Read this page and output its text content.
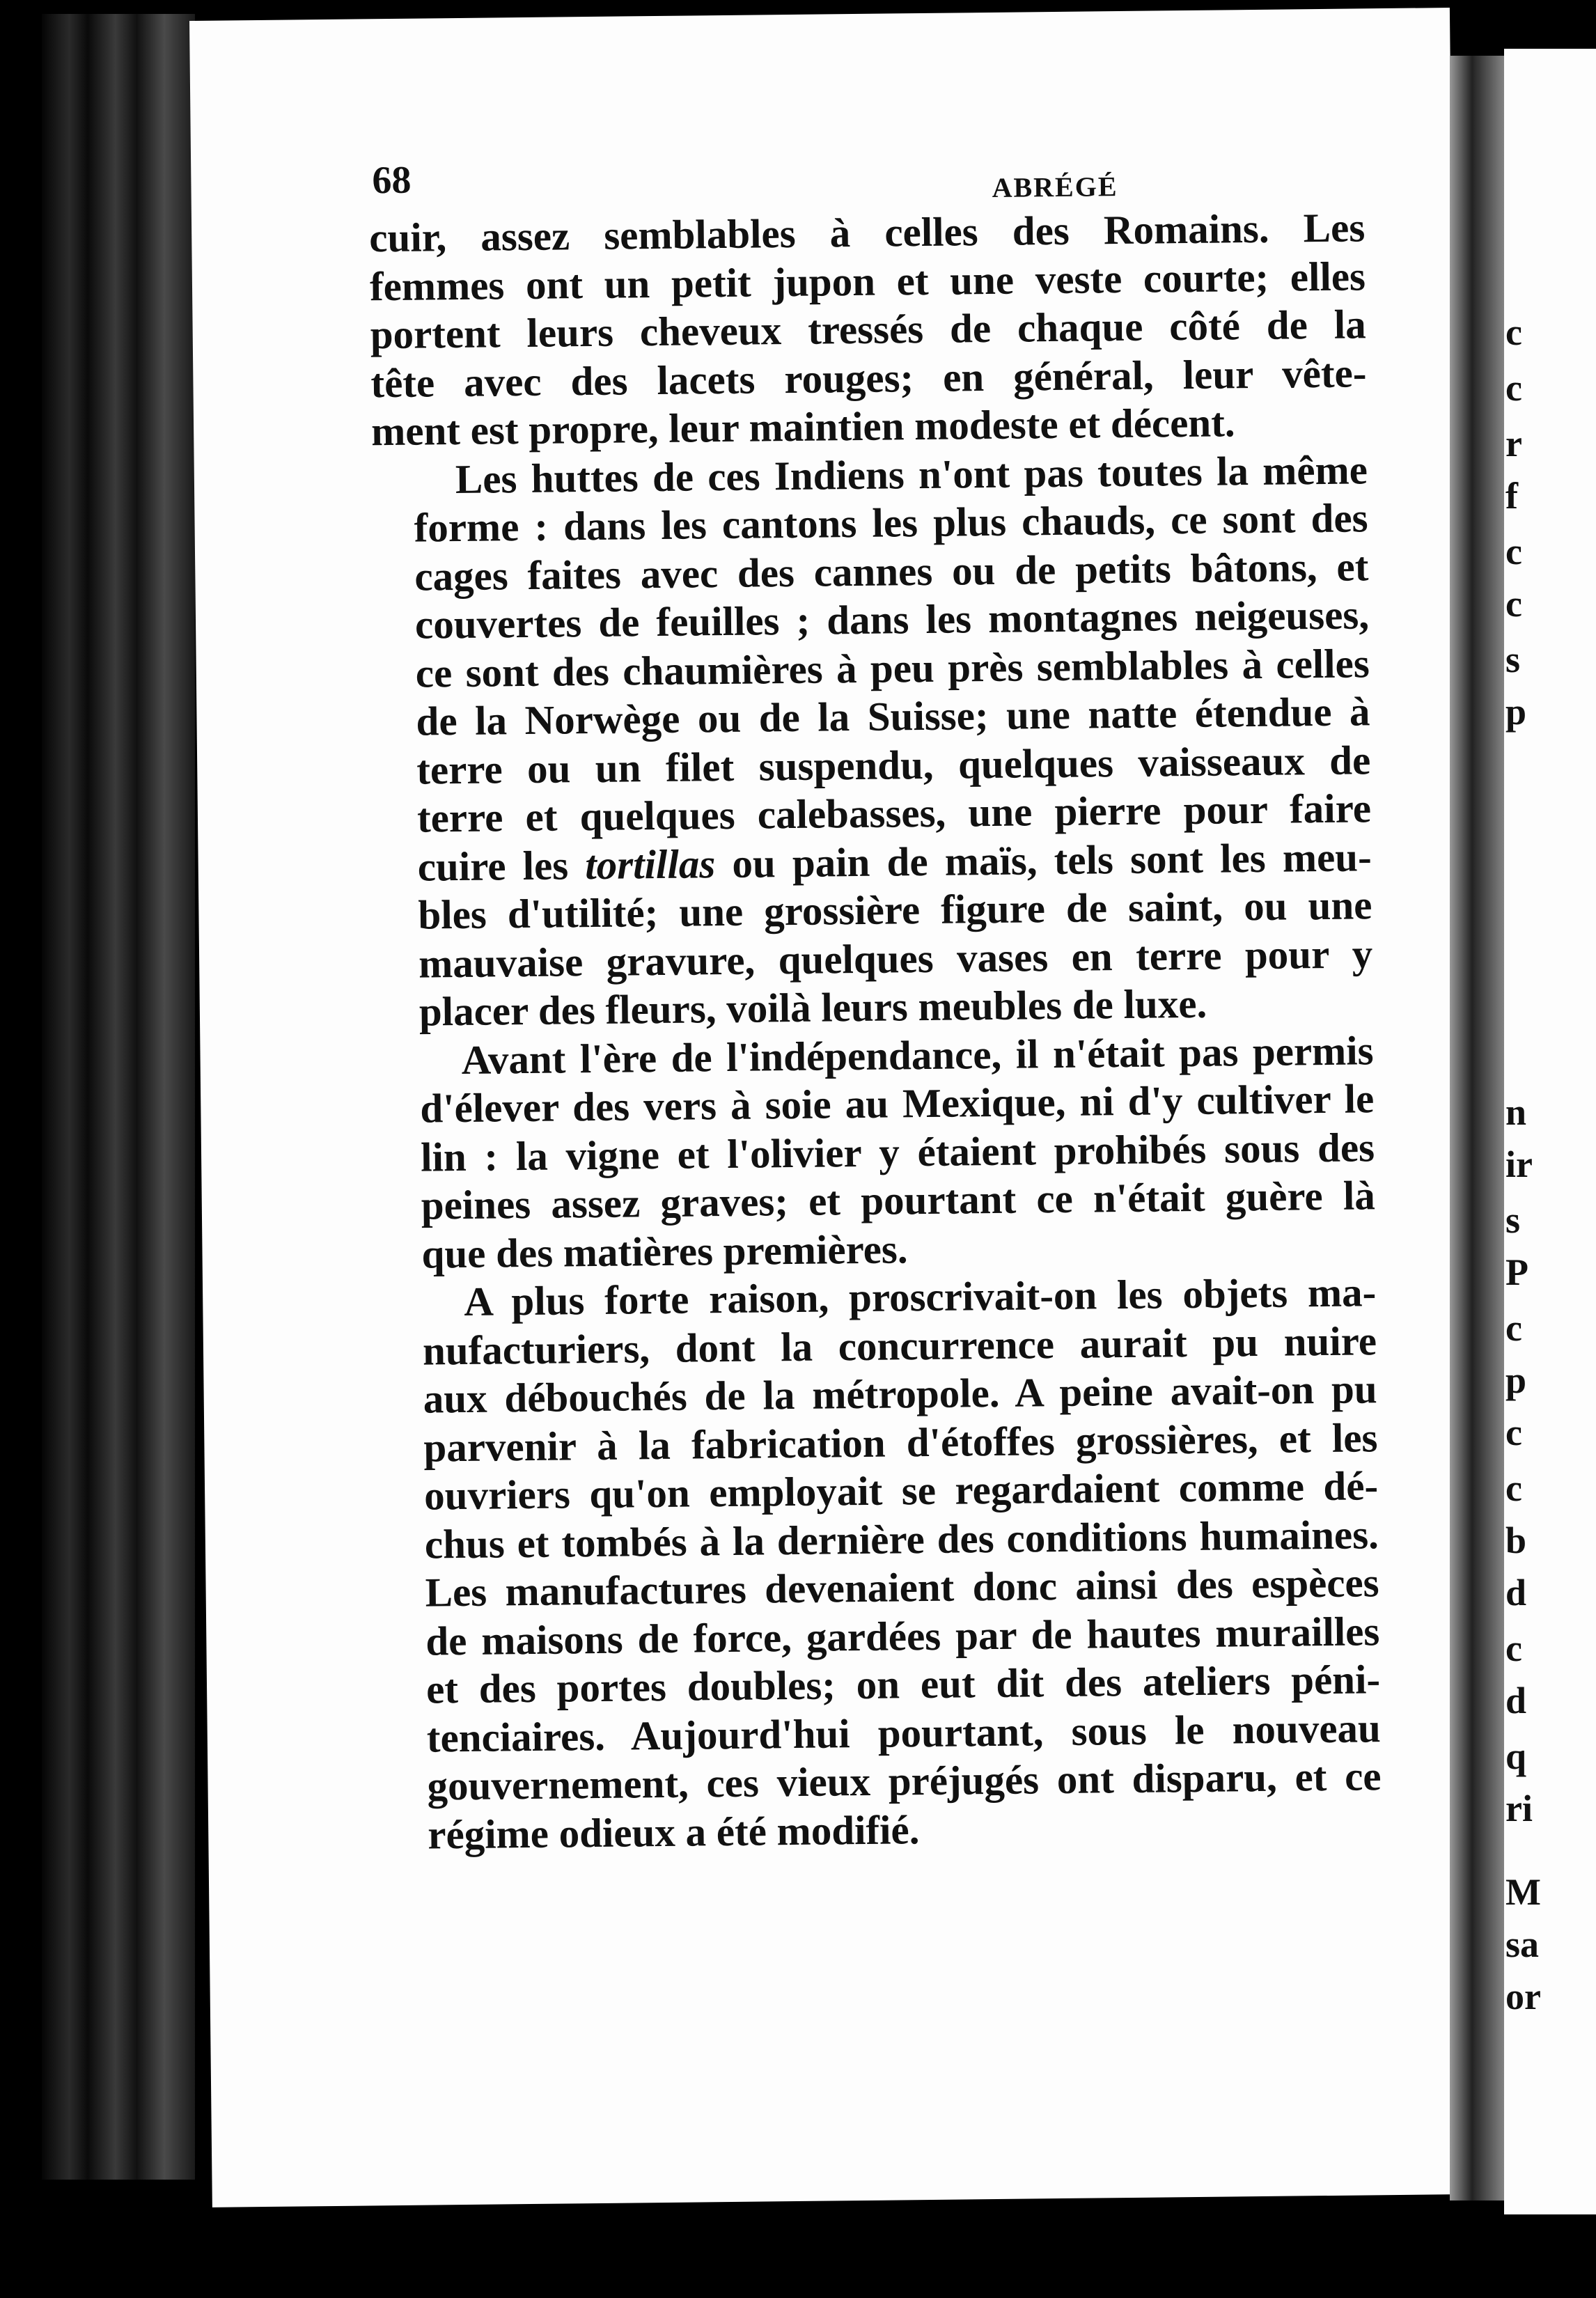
68	ABRÉGÉ

cuir, assez semblables à celles des Romains. Les
femmes ont un petit jupon et une veste courte; elles
portent leurs cheveux tressés de chaque côté de la
tête avec des lacets rouges; en général, leur vête-
ment est propre, leur maintien modeste et décent.

Les huttes de ces Indiens n'ont pas toutes la même
forme : dans les cantons les plus chauds, ce sont des
cages faites avec des cannes ou de petits bâtons, et
couvertes de feuilles ; dans les montagnes neigeuses,
ce sont des chaumières à peu près semblables à celles
de la Norwège ou de la Suisse; une natte étendue à
terre ou un filet suspendu, quelques vaisseaux de
terre et quelques calebasses, une pierre pour faire
cuire les tortillas ou pain de maïs, tels sont les meu-
bles d'utilité; une grossière figure de saint, ou une
mauvaise gravure, quelques vases en terre pour y
placer des fleurs, voilà leurs meubles de luxe.

Avant l'ère de l'indépendance, il n'était pas permis
d'élever des vers à soie au Mexique, ni d'y cultiver le
lin : la vigne et l'olivier y étaient prohibés sous des
peines assez graves; et pourtant ce n'était guère là
que des matières premières.

A plus forte raison, proscrivait-on les objets ma-
nufacturiers, dont la concurrence aurait pu nuire
aux débouchés de la métropole. A peine avait-on pu
parvenir à la fabrication d'étoffes grossières, et les
ouvriers qu'on employait se regardaient comme dé-
chus et tombés à la dernière des conditions humaines.
Les manufactures devenaient donc ainsi des espèces
de maisons de force, gardées par de hautes murailles
et des portes doubles; on eut dit des ateliers péni-
tenciaires. Aujourd'hui pourtant, sous le nouveau
gouvernement, ces vieux préjugés ont disparu, et ce
régime odieux a été modifié.

c
c
r
f
c
c
s
p
n
ir
s
P
c
p
c
c
b
d
c
d
q
ri
M
sa
or
